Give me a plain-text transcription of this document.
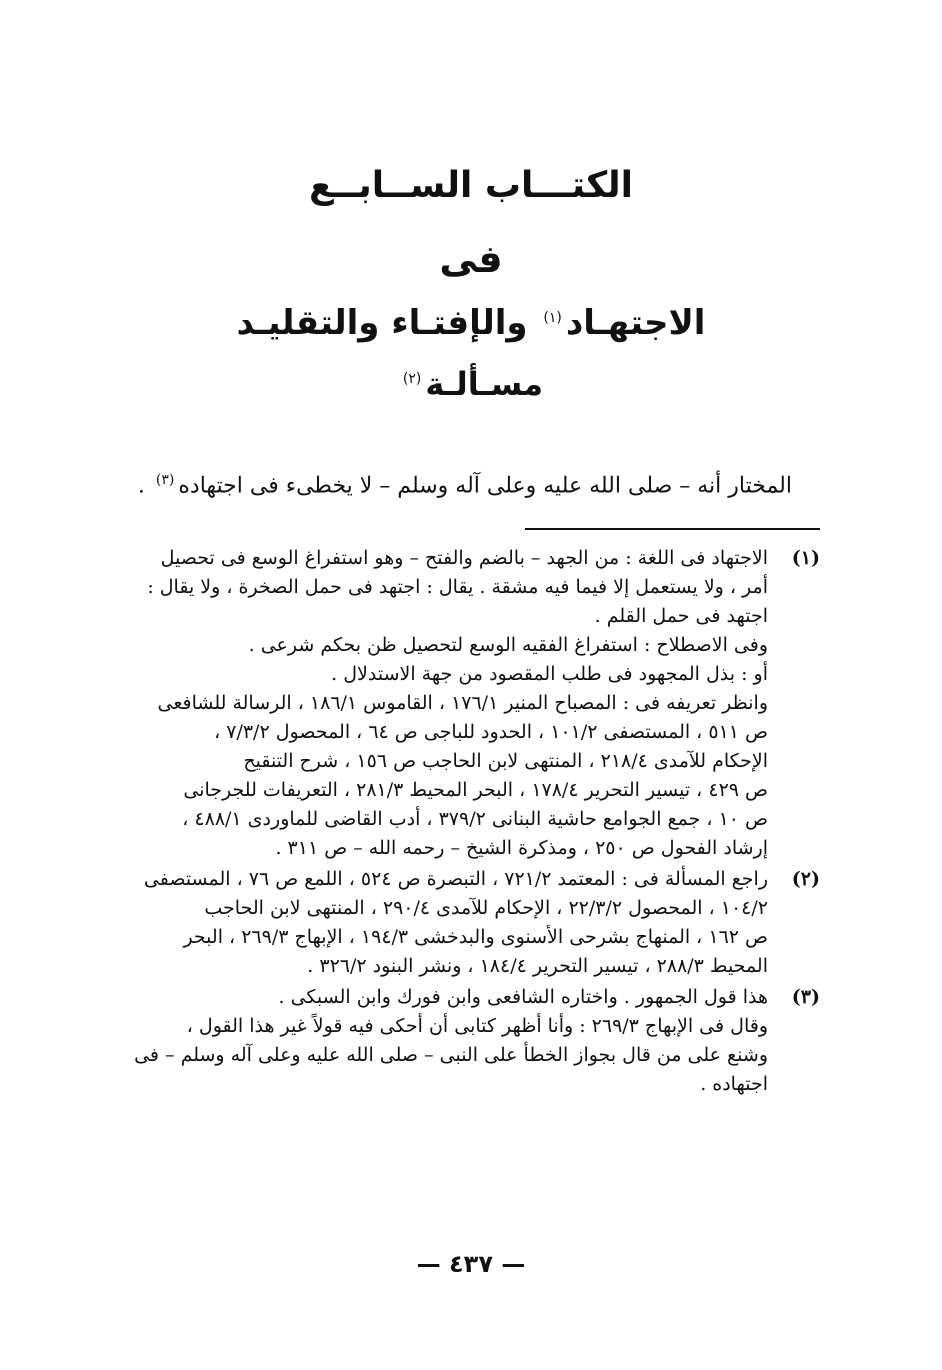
الكتـــاب الســابــع
فى
الاجتهـاد$^{(١)}$ والإفتـاء والتقليـد
مسـألـة$^{(٢)}$
المختار أنه – صلى الله عليه وعلى آله وسلم – لا يخطىء فى اجتهاده$^{(٣)}$ .
(١)
الاجتهاد فى اللغة : من الجهد – بالضم والفتح – وهو استفراغ الوسع فى تحصيل
أمر ، ولا يستعمل إلا فيما فيه مشقة . يقال : اجتهد فى حمل الصخرة ، ولا يقال :
اجتهد فى حمل القلم .
وفى الاصطلاح : استفراغ الفقيه الوسع لتحصيل ظن بحكم شرعى .
أو : بذل المجهود فى طلب المقصود من جهة الاستدلال .
وانظر تعريفه فى : المصباح المنير ١٧٦/١ ، القاموس ١٨٦/١ ، الرسالة للشافعى
ص ٥١١ ، المستصفى ١٠١/٢ ، الحدود للباجى ص ٦٤ ، المحصول ٧/٣/٢ ،
الإحكام للآمدى ٢١٨/٤ ، المنتهى لابن الحاجب ص ١٥٦ ، شرح التنقيح
ص ٤٢٩ ، تيسير التحرير ١٧٨/٤ ، البحر المحيط ٢٨١/٣ ، التعريفات للجرجانى
ص ١٠ ، جمع الجوامع حاشية البنانى ٣٧٩/٢ ، أدب القاضى للماوردى ٤٨٨/١ ،
إرشاد الفحول ص ٢٥٠ ، ومذكرة الشيخ – رحمه الله – ص ٣١١ .
(٢)
راجع المسألة فى : المعتمد ٧٢١/٢ ، التبصرة ص ٥٢٤ ، اللمع ص ٧٦ ، المستصفى
١٠٤/٢ ، المحصول ٢٢/٣/٢ ، الإحكام للآمدى ٢٩٠/٤ ، المنتهى لابن الحاجب
ص ١٦٢ ، المنهاج بشرحى الأسنوى والبدخشى ١٩٤/٣ ، الإبهاج ٢٦٩/٣ ، البحر
المحيط ٢٨٨/٣ ، تيسير التحرير ١٨٤/٤ ، ونشر البنود ٣٢٦/٢ .
(٣)
هذا قول الجمهور . واختاره الشافعى وابن فورك وابن السبكى .
وقال فى الإبهاج ٢٦٩/٣ : وأنا أظهر كتابى أن أحكى فيه قولاً غير هذا القول ،
وشنع على من قال بجواز الخطأ على النبى – صلى الله عليه وعلى آله وسلم – فى
اجتهاده .
— ٤٣٧ —
